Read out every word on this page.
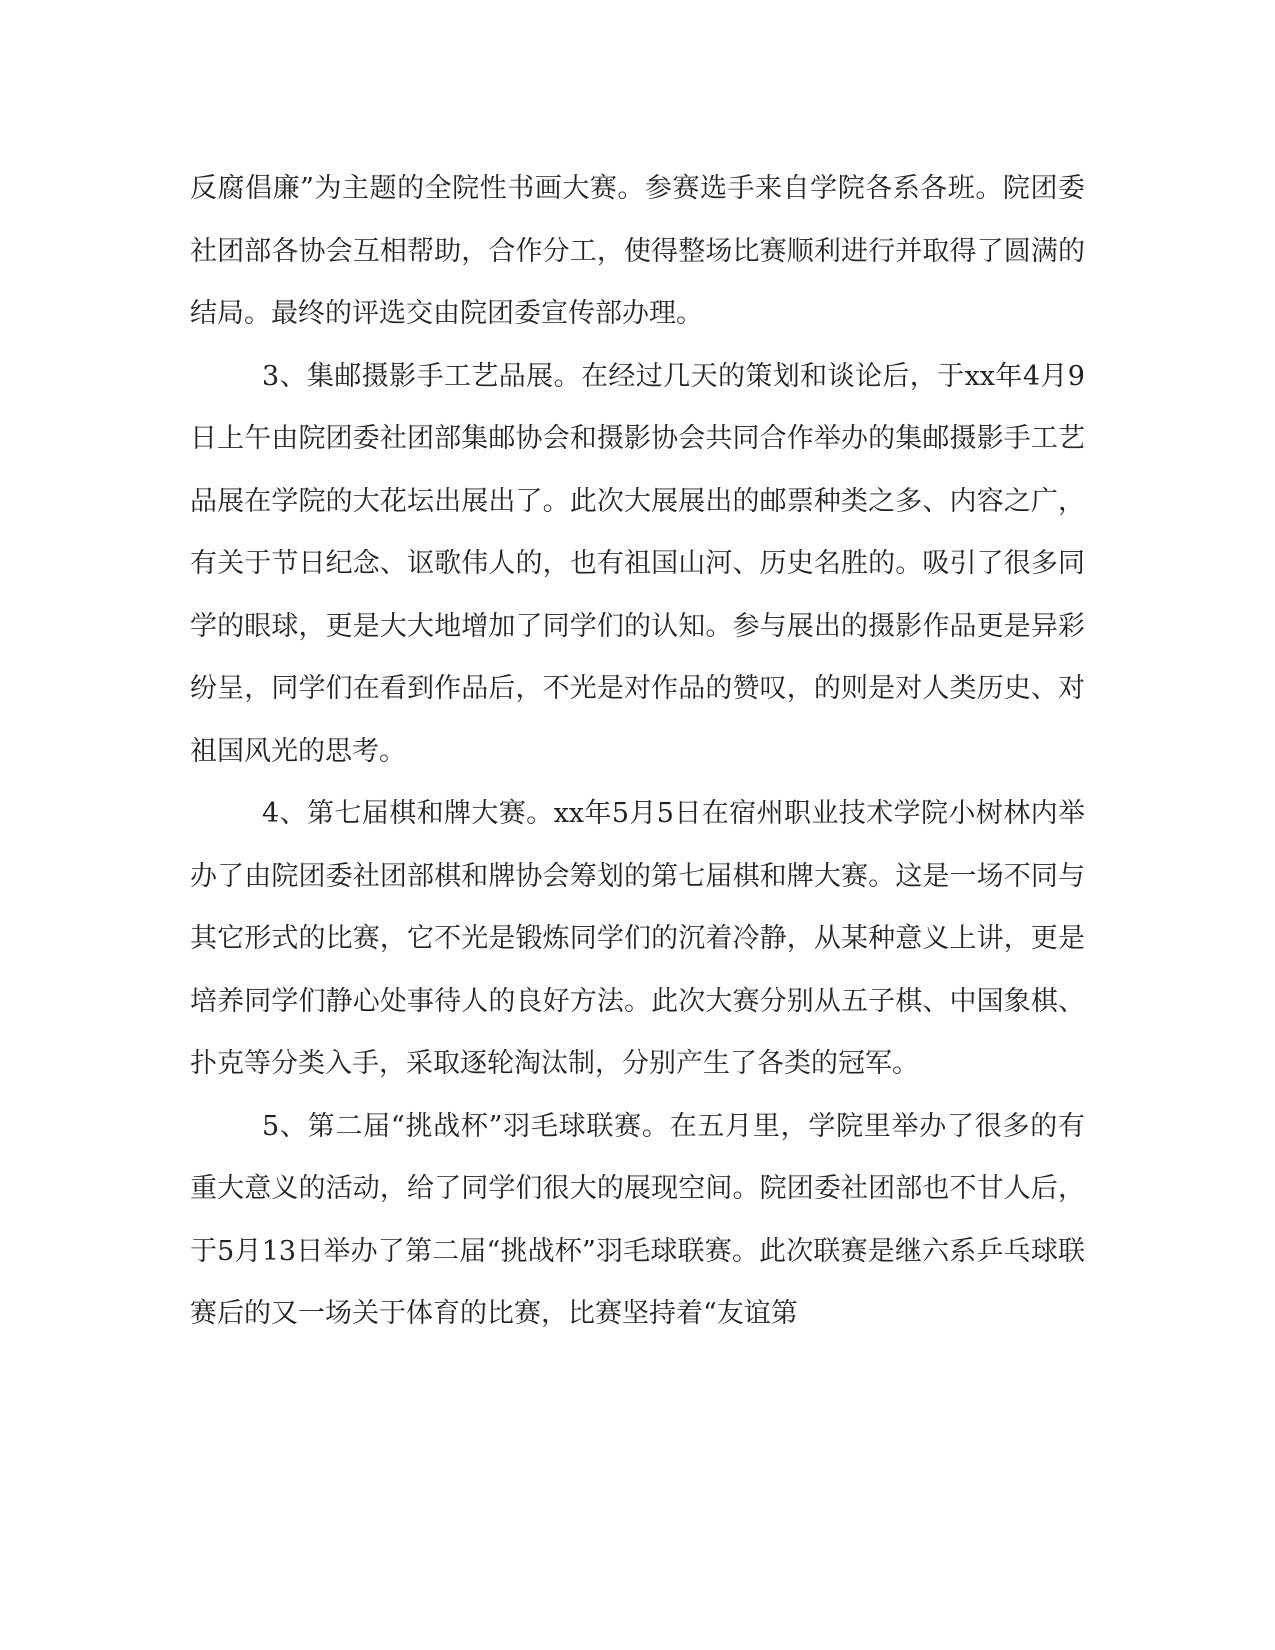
反腐倡廉”为主题的全院性书画大赛。参赛选手来自学院各系各班。院团委社团部各协会互相帮助，合作分工，使得整场比赛顺利进行并取得了圆满的结局。最终的评选交由院团委宣传部办理。

3、集邮摄影手工艺品展。在经过几天的策划和谈论后，于xx年4月9日上午由院团委社团部集邮协会和摄影协会共同合作举办的集邮摄影手工艺品展在学院的大花坛出展出了。此次大展展出的邮票种类之多、内容之广，有关于节日纪念、讴歌伟人的，也有祖国山河、历史名胜的。吸引了很多同学的眼球，更是大大地增加了同学们的认知。参与展出的摄影作品更是异彩纷呈，同学们在看到作品后，不光是对作品的赞叹，的则是对人类历史、对祖国风光的思考。

4、第七届棋和牌大赛。xx年5月5日在宿州职业技术学院小树林内举办了由院团委社团部棋和牌协会筹划的第七届棋和牌大赛。这是一场不同与其它形式的比赛，它不光是锻炼同学们的沉着冷静，从某种意义上讲，更是培养同学们静心处事待人的良好方法。此次大赛分别从五子棋、中国象棋、扑克等分类入手，采取逐轮淘汰制，分别产生了各类的冠军。

5、第二届“挑战杯”羽毛球联赛。在五月里，学院里举办了很多的有重大意义的活动，给了同学们很大的展现空间。院团委社团部也不甘人后，于5月13日举办了第二届“挑战杯”羽毛球联赛。此次联赛是继六系乒乓球联赛后的又一场关于体育的比赛，比赛坚持着“友谊第
